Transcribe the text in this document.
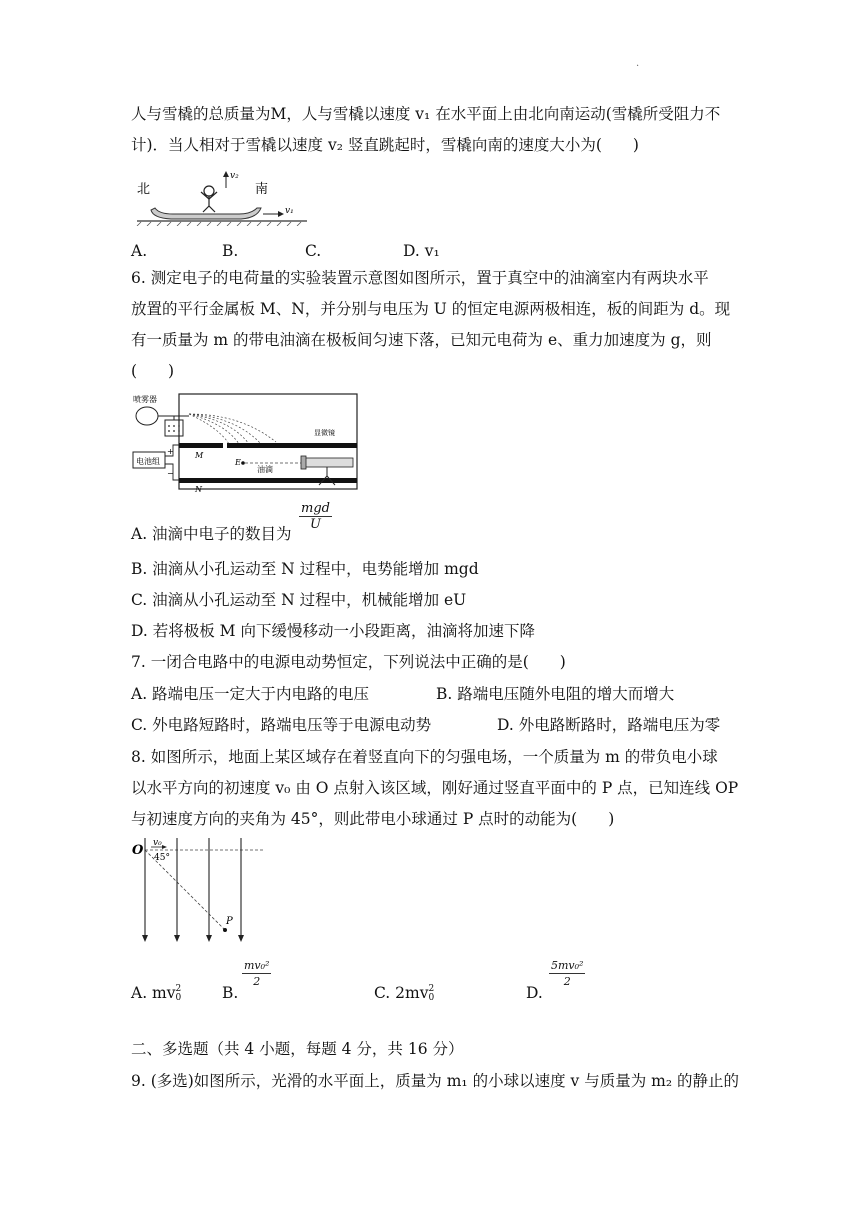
.
人与雪橇的总质量为M，人与雪橇以速度 v₁ 在水平面上由北向南运动(雪橇所受阻力不
计)．当人相对于雪橇以速度 v₂ 竖直跳起时，雪橇向南的速度大小为(　　)
北	南
v₂
v₁
A.	B.	C.	D. v₁
6. 测定电子的电荷量的实验装置示意图如图所示，置于真空中的油滴室内有两块水平
放置的平行金属板 M、N，并分别与电压为 U 的恒定电源两极相连，板的间距为 d。现
有一质量为 m 的带电油滴在极板间匀速下落，已知元电荷为 e、重力加速度为 g，则
(　　)
喷雾器
M
N
E
油滴
显微镜
电池组
+
−
A. 油滴中电子的数目为
mgd
U
B. 油滴从小孔运动至 N 过程中，电势能增加 mgd
C. 油滴从小孔运动至 N 过程中，机械能增加 eU
D. 若将极板 M 向下缓慢移动一小段距离，油滴将加速下降
7. 一闭合电路中的电源电动势恒定，下列说法中正确的是(　　)
A. 路端电压一定大于内电路的电压	B. 路端电压随外电阻的增大而增大
C. 外电路短路时，路端电压等于电源电动势	D. 外电路断路时，路端电压为零
8. 如图所示，地面上某区域存在着竖直向下的匀强电场，一个质量为 m 的带负电小球
以水平方向的初速度 v₀ 由 O 点射入该区域，刚好通过竖直平面中的 P 点，已知连线 OP
与初速度方向的夹角为 45°，则此带电小球通过 P 点时的动能为(　　)
O v₀
45°
P
A. mv 2
0	B.
$\frac{\text{mv₀²}}{2}$
C. 2mv 2
0	D.
$\frac{\text{5mv₀²}}{2}$
二、多选题（共 4 小题，每题 4 分，共 16 分）
9. (多选)如图所示，光滑的水平面上，质量为 m₁ 的小球以速度 v 与质量为 m₂ 的静止的
